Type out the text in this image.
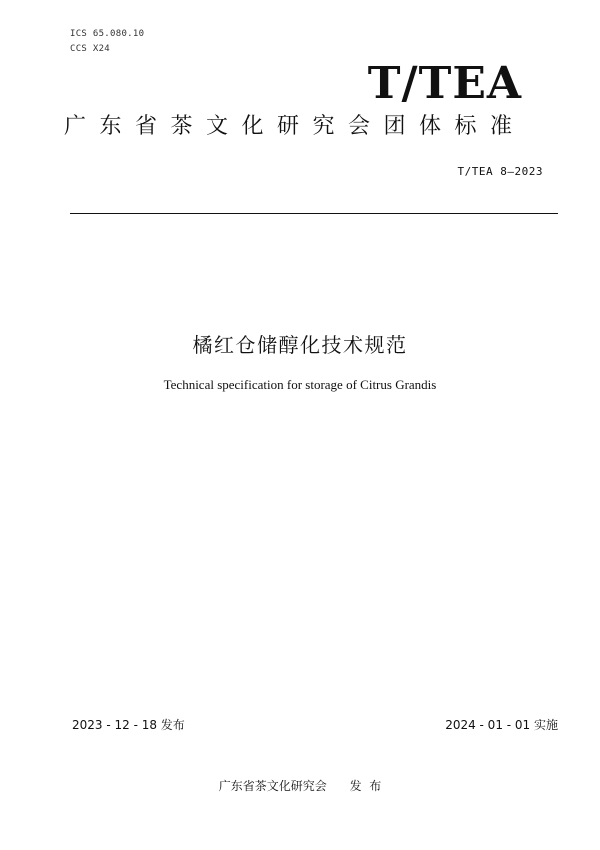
ICS 65.080.10
CCS X24
T/TEA
广东省茶文化研究会团体标准
T/TEA 8—2023
橘红仓储醇化技术规范
Technical specification for storage of Citrus Grandis
2023 - 12 - 18 发布	2024 - 01 - 01 实施
广东省茶文化研究会      发  布
